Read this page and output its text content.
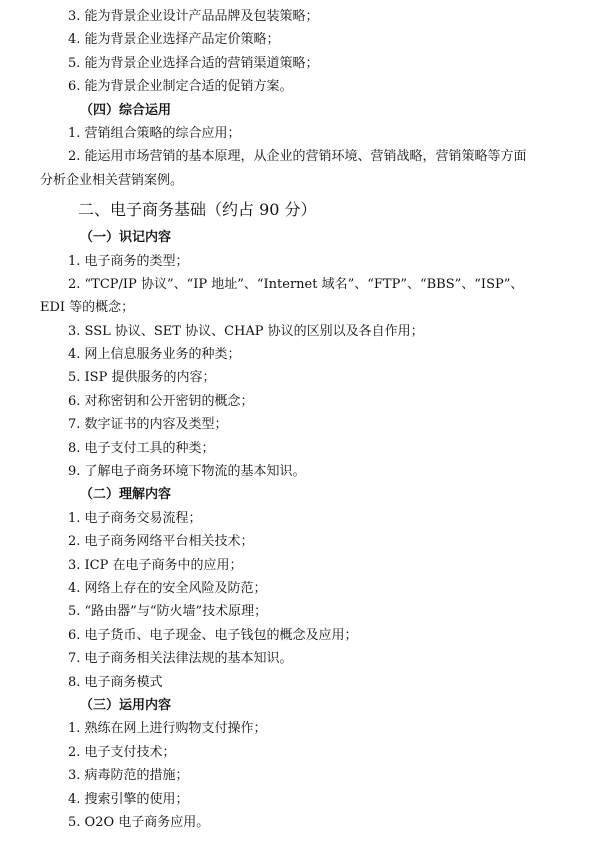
3. 能为背景企业设计产品品牌及包装策略；
4. 能为背景企业选择产品定价策略；
5. 能为背景企业选择合适的营销渠道策略；
6. 能为背景企业制定合适的促销方案。
（四）综合运用
1. 营销组合策略的综合应用；
2. 能运用市场营销的基本原理，从企业的营销环境、营销战略，营销策略等方面
分析企业相关营销案例。
二、电子商务基础（约占 90 分）
（一）识记内容
1. 电子商务的类型；
2. “TCP/IP 协议”、“IP 地址”、“Internet 域名”、“FTP”、“BBS”、“ISP”、
EDI 等的概念；
3. SSL 协议、SET 协议、CHAP 协议的区别以及各自作用；
4. 网上信息服务业务的种类；
5. ISP 提供服务的内容；
6. 对称密钥和公开密钥的概念；
7. 数字证书的内容及类型；
8. 电子支付工具的种类；
9. 了解电子商务环境下物流的基本知识。
（二）理解内容
1. 电子商务交易流程；
2. 电子商务网络平台相关技术；
3. ICP 在电子商务中的应用；
4. 网络上存在的安全风险及防范；
5. “路由器”与“防火墙”技术原理；
6. 电子货币、电子现金、电子钱包的概念及应用；
7. 电子商务相关法律法规的基本知识。
8. 电子商务模式
（三）运用内容
1. 熟练在网上进行购物支付操作；
2. 电子支付技术；
3. 病毒防范的措施；
4. 搜索引擎的使用；
5. O2O 电子商务应用。
